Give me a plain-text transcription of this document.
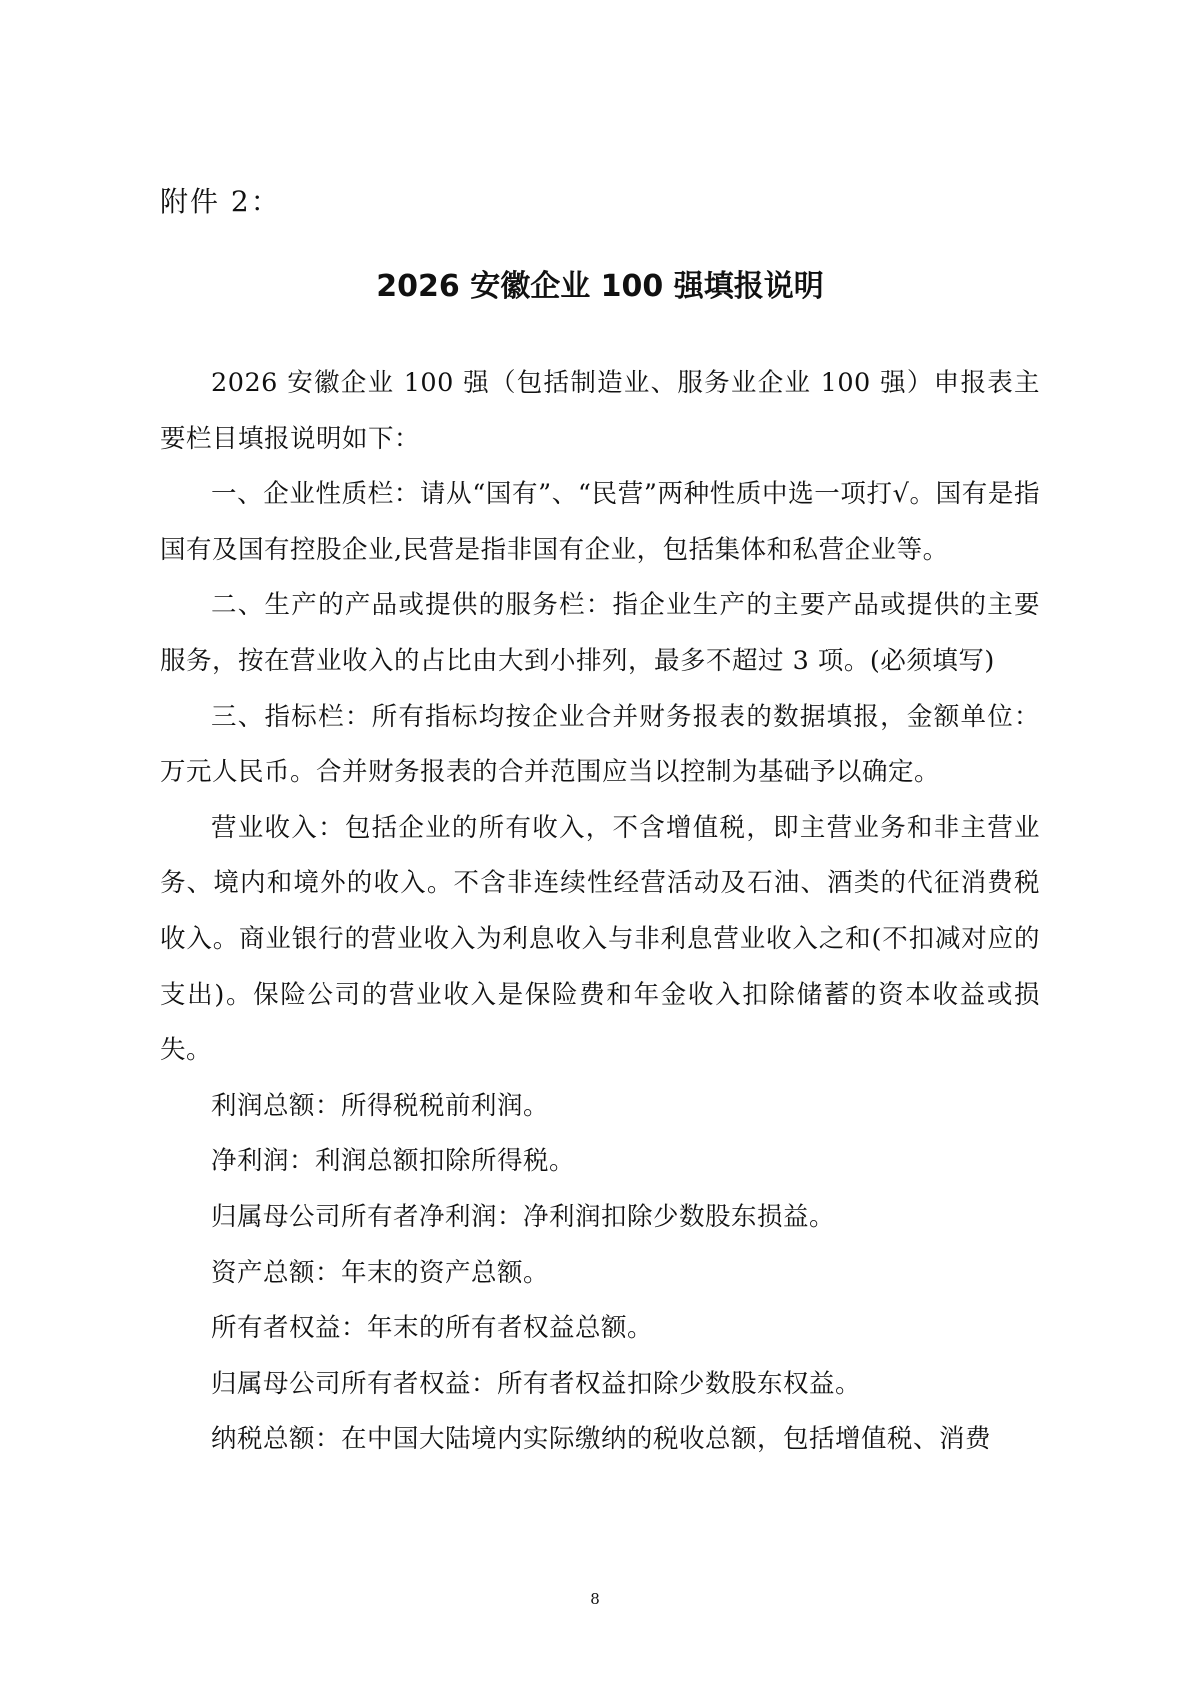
附件 2：
2026 安徽企业 100 强填报说明

2026 安徽企业 100 强（包括制造业、服务业企业 100 强）申报表主要栏目填报说明如下：

一、企业性质栏：请从“国有”、“民营”两种性质中选一项打√。国有是指国有及国有控股企业,民营是指非国有企业，包括集体和私营企业等。

二、生产的产品或提供的服务栏：指企业生产的主要产品或提供的主要服务，按在营业收入的占比由大到小排列，最多不超过 3 项。(必须填写)

三、指标栏：所有指标均按企业合并财务报表的数据填报，金额单位：万元人民币。合并财务报表的合并范围应当以控制为基础予以确定。

营业收入：包括企业的所有收入，不含增值税，即主营业务和非主营业务、境内和境外的收入。不含非连续性经营活动及石油、酒类的代征消费税收入。商业银行的营业收入为利息收入与非利息营业收入之和(不扣减对应的支出)。保险公司的营业收入是保险费和年金收入扣除储蓄的资本收益或损失。

利润总额：所得税税前利润。

净利润：利润总额扣除所得税。

归属母公司所有者净利润：净利润扣除少数股东损益。

资产总额：年末的资产总额。

所有者权益：年末的所有者权益总额。

归属母公司所有者权益：所有者权益扣除少数股东权益。

纳税总额：在中国大陆境内实际缴纳的税收总额，包括增值税、消费

8
